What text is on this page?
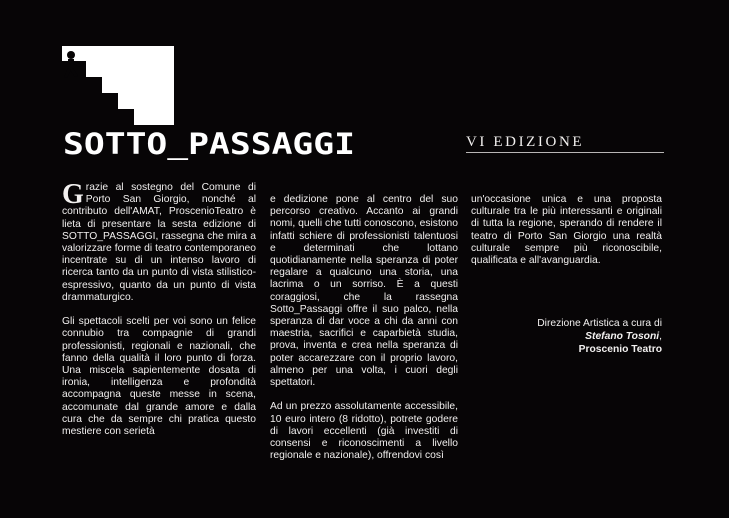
SOTTO_PASSAGGI	VI EDIZIONE

Grazie al sostegno del Comune di Porto San Giorgio, nonché al contributo dell'AMAT, ProscenioTeatro è lieta di presentare la sesta edizione di SOTTO_PASSAGGI, rassegna che mira a valorizzare forme di teatro contemporaneo incentrate su di un intenso lavoro di ricerca tanto da un punto di vista stilistico-espressivo, quanto da un punto di vista drammaturgico.

Gli spettacoli scelti per voi sono un felice connubio tra compagnie di grandi professionisti, regionali e nazionali, che fanno della qualità il loro punto di forza. Una miscela sapientemente dosata di ironia, intelligenza e profondità accompagna queste messe in scena, accomunate dal grande amore e dalla cura che da sempre chi pratica questo mestiere con serietà

e dedizione pone al centro del suo percorso creativo. Accanto ai grandi nomi, quelli che tutti conoscono, esistono infatti schiere di professionisti talentuosi e determinati che lottano quotidianamente nella speranza di poter regalare a qualcuno una storia, una lacrima o un sorriso. È a questi coraggiosi, che la rassegna Sotto_Passaggi offre il suo palco, nella speranza di dar voce a chi da anni con maestria, sacrifici e caparbietà studia, prova, inventa e crea nella speranza di poter accarezzare con il proprio lavoro, almeno per una volta, i cuori degli spettatori.

Ad un prezzo assolutamente accessibile, 10 euro intero (8 ridotto), potrete godere di lavori eccellenti (già investiti di consensi e riconoscimenti a livello regionale e nazionale), offrendovi così

un'occasione unica e una proposta culturale tra le più interessanti e originali di tutta la regione, sperando di rendere il teatro di Porto San Giorgio una realtà culturale sempre più riconoscibile, qualificata e all'avanguardia.

Direzione Artistica a cura di
Stefano Tosoni,
Proscenio Teatro
